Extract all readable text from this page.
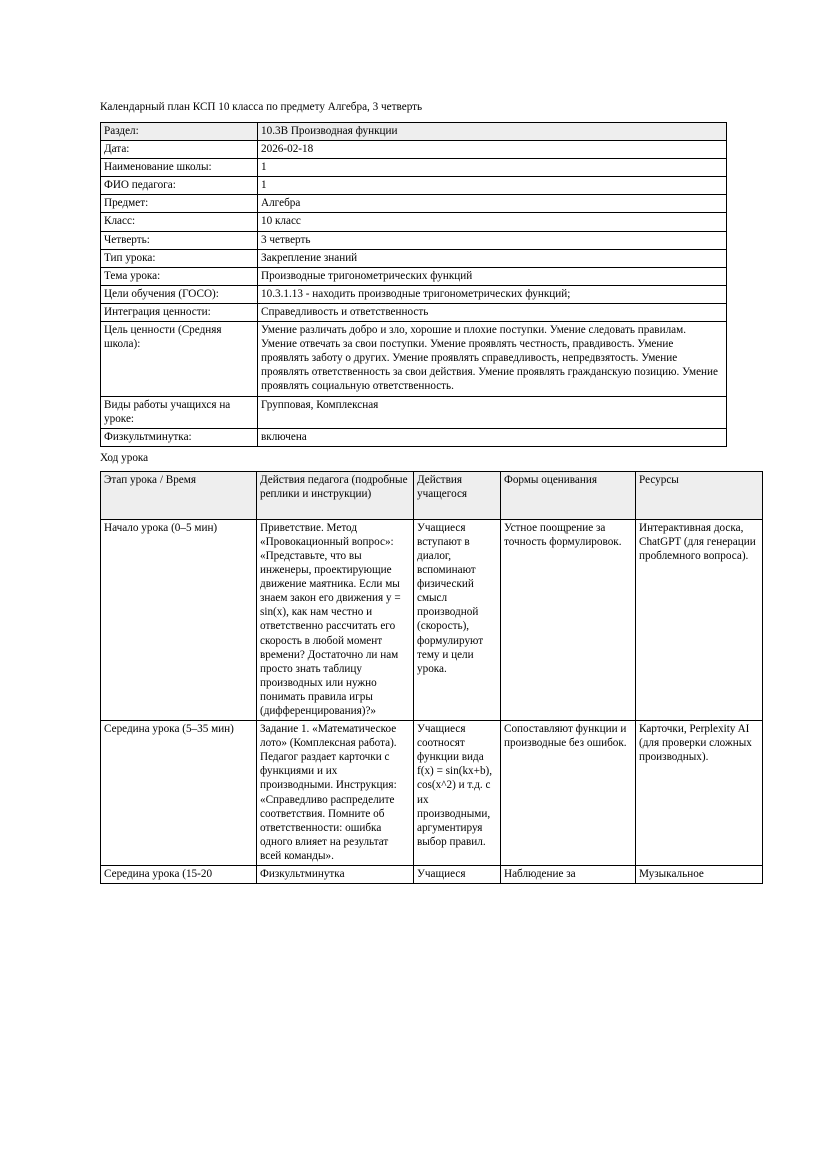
Календарный план КСП 10 класса по предмету Алгебра, 3 четверть
Раздел:	10.3В Производная функции
Дата:	2026-02-18
Наименование школы:	1
ФИО педагога:	1
Предмет:	Алгебра
Класс:	10 класс
Четверть:	3 четверть
Тип урока:	Закрепление знаний
Тема урока:	Производные тригонометрических функций
Цели обучения (ГОСО):	10.3.1.13 - находить производные тригонометрических функций;
Интеграция ценности:	Справедливость и ответственность
Цель ценности (Средняя школа):	Умение различать добро и зло, хорошие и плохие поступки. Умение следовать правилам. Умение отвечать за свои поступки. Умение проявлять честность, правдивость. Умение проявлять заботу о других. Умение проявлять справедливость, непредвзятость. Умение проявлять ответственность за свои действия. Умение проявлять гражданскую позицию. Умение проявлять социальную ответственность.
Виды работы учащихся на уроке:	Групповая, Комплексная
Физкультминутка:	включена
Ход урока
Этап урока / Время	Действия педагога (подробные реплики и инструкции)	Действия учащегося	Формы оценивания	Ресурсы
Начало урока (0–5 мин)	Приветствие. Метод «Провокационный вопрос»: «Представьте, что вы инженеры, проектирующие движение маятника. Если мы знаем закон его движения y = sin(x), как нам честно и ответственно рассчитать его скорость в любой момент времени? Достаточно ли нам просто знать таблицу производных или нужно понимать правила игры (дифференцирования)?»	Учащиеся вступают в диалог, вспоминают физический смысл производной (скорость), формулируют тему и цели урока.	Устное поощрение за точность формулировок.	Интерактивная доска, ChatGPT (для генерации проблемного вопроса).
Середина урока (5–35 мин)	Задание 1. «Математическое лото» (Комплексная работа). Педагог раздает карточки с функциями и их производными. Инструкция: «Справедливо распределите соответствия. Помните об ответственности: ошибка одного влияет на результат всей команды».	Учащиеся соотносят функции вида f(x) = sin(kx+b), cos(x^2) и т.д. с их производными, аргументируя выбор правил.	Сопоставляют функции и производные без ошибок.	Карточки, Perplexity AI (для проверки сложных производных).
Середина урока (15-20	Физкультминутка	Учащиеся	Наблюдение за	Музыкальное
